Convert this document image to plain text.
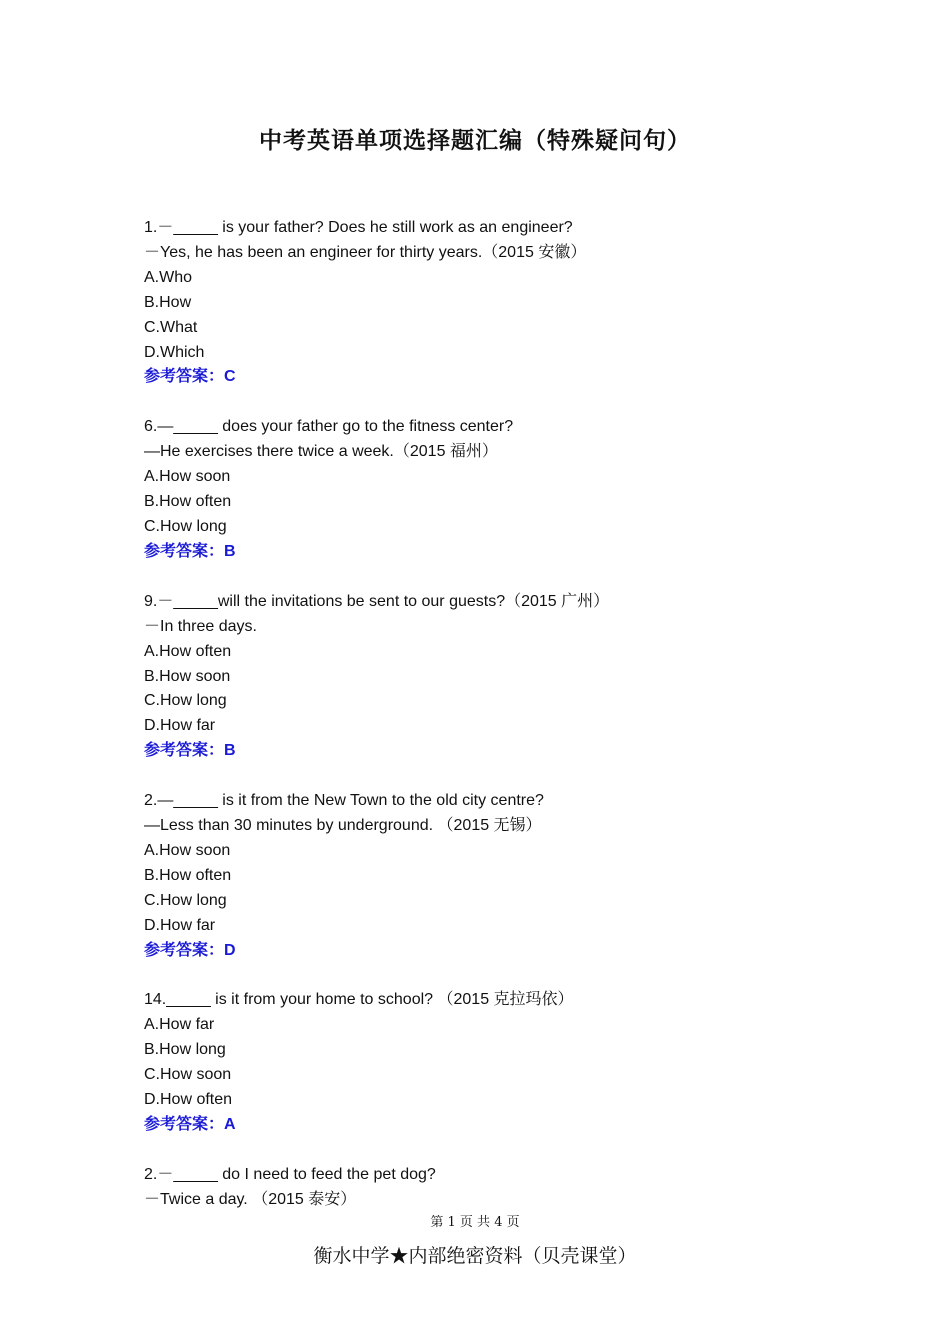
中考英语单项选择题汇编（特殊疑问句）
1.－_____ is your father? Does he still work as an engineer?
－Yes, he has been an engineer for thirty years.（2015 安徽）
A.Who
B.How
C.What
D.Which
参考答案：C
6.—_____ does your father go to the fitness center?
—He exercises there twice a week.（2015 福州）
A.How soon
B.How often
C.How long
参考答案：B
9.－_____will the invitations be sent to our guests?（2015 广州）
－In three days.
A.How often
B.How soon
C.How long
D.How far
参考答案：B
2.—_____ is it from the New Town to the old city centre?
—Less than 30 minutes by underground. （2015 无锡）
A.How soon
B.How often
C.How long
D.How far
参考答案：D
14._____ is it from your home to school? （2015 克拉玛依）
A.How far
B.How long
C.How soon
D.How often
参考答案：A
2.－_____ do I need to feed the pet dog?
－Twice a day. （2015 泰安）
第 1 页 共 4 页
衡水中学★内部绝密资料（贝壳课堂）
